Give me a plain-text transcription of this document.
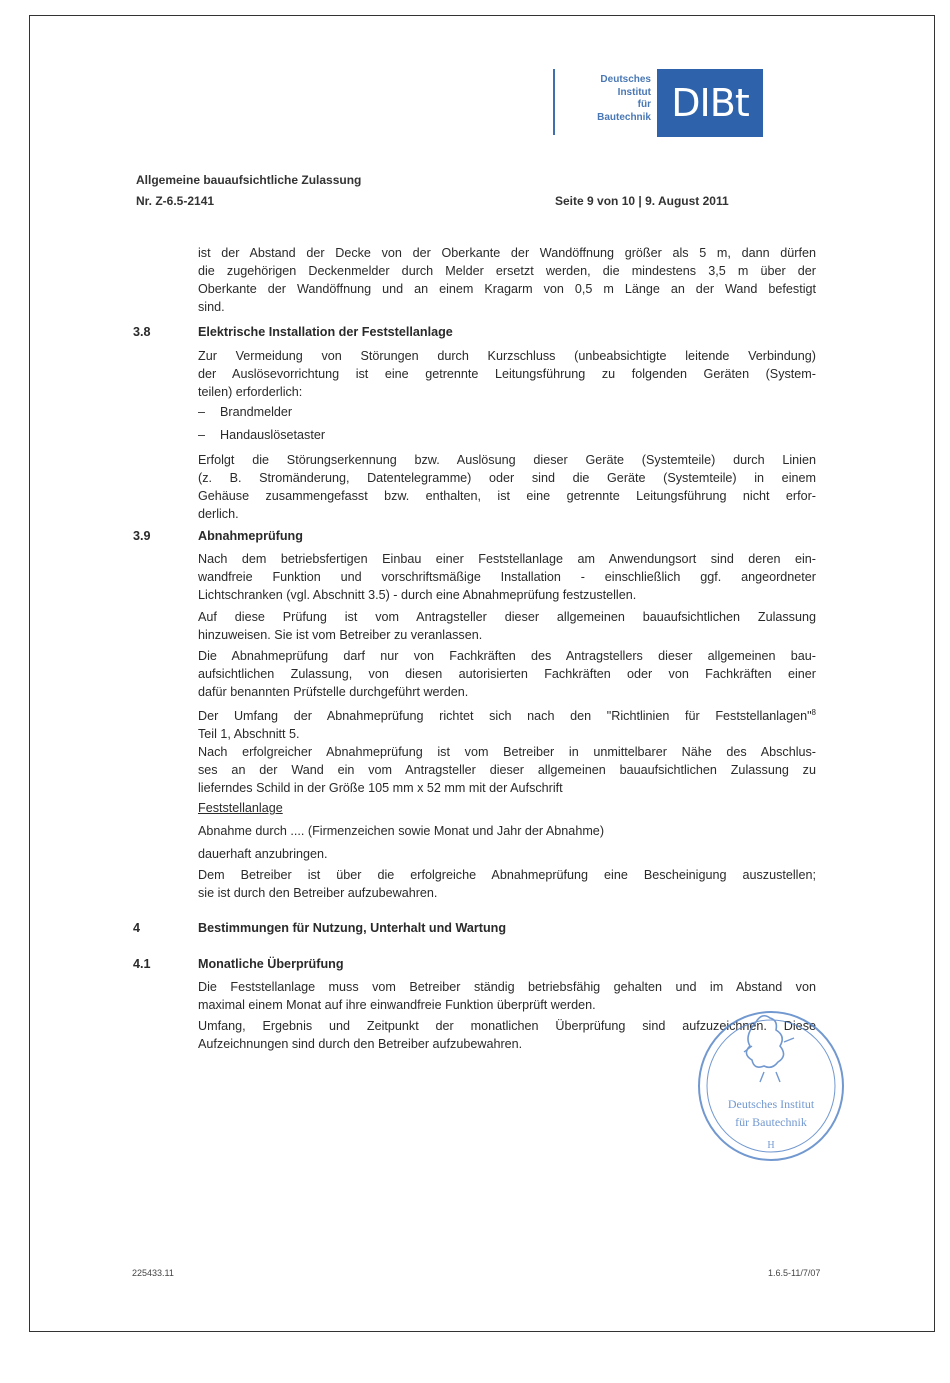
Deutsches
Institut
für
Bautechnik DIBt
Allgemeine bauaufsichtliche Zulassung
Nr. Z-6.5-2141	Seite 9 von 10 | 9. August 2011

ist der Abstand der Decke von der Oberkante der Wandöffnung größer als 5 m, dann dürfen

die zugehörigen Deckenmelder durch Melder ersetzt werden, die mindestens 3,5 m über der

Oberkante der Wandöffnung und an einem Kragarm von 0,5 m Länge an der Wand befestigt

sind.

3.8	Elektrische Installation der Feststellanlage

Zur Vermeidung von Störungen durch Kurzschluss (unbeabsichtigte leitende Verbindung)

der Auslösevorrichtung ist eine getrennte Leitungsführung zu folgenden Geräten (System-

teilen) erforderlich:

– Brandmelder
– Handauslösetaster

Erfolgt die Störungserkennung bzw. Auslösung dieser Geräte (Systemteile) durch Linien

(z. B. Stromänderung, Datentelegramme) oder sind die Geräte (Systemteile) in einem

Gehäuse zusammengefasst bzw. enthalten, ist eine getrennte Leitungsführung nicht erfor-

derlich.

3.9	Abnahmeprüfung

Nach dem betriebsfertigen Einbau einer Feststellanlage am Anwendungsort sind deren ein-

wandfreie Funktion und vorschriftsmäßige Installation - einschließlich ggf. angeordneter

Lichtschranken (vgl. Abschnitt 3.5) - durch eine Abnahmeprüfung festzustellen.

Auf diese Prüfung ist vom Antragsteller dieser allgemeinen bauaufsichtlichen Zulassung

hinzuweisen. Sie ist vom Betreiber zu veranlassen.

Die Abnahmeprüfung darf nur von Fachkräften des Antragstellers dieser allgemeinen bau-

aufsichtlichen Zulassung, von diesen autorisierten Fachkräften oder von Fachkräften einer

dafür benannten Prüfstelle durchgeführt werden.

Der Umfang der Abnahmeprüfung richtet sich nach den "Richtlinien für Feststellanlagen"$^8$

Teil 1, Abschnitt 5.

Nach erfolgreicher Abnahmeprüfung ist vom Betreiber in unmittelbarer Nähe des Abschlus-

ses an der Wand ein vom Antragsteller dieser allgemeinen bauaufsichtlichen Zulassung zu

lieferndes Schild in der Größe 105 mm x 52 mm mit der Aufschrift

Feststellanlage
Abnahme durch .... (Firmenzeichen sowie Monat und Jahr der Abnahme)
dauerhaft anzubringen.

Dem Betreiber ist über die erfolgreiche Abnahmeprüfung eine Bescheinigung auszustellen;

sie ist durch den Betreiber aufzubewahren.

4	Bestimmungen für Nutzung, Unterhalt und Wartung
4.1	Monatliche Überprüfung

Die Feststellanlage muss vom Betreiber ständig betriebsfähig gehalten und im Abstand von

maximal einem Monat auf ihre einwandfreie Funktion überprüft werden.

Umfang, Ergebnis und Zeitpunkt der monatlichen Überprüfung sind aufzuzeichnen. Diese

Aufzeichnungen sind durch den Betreiber aufzubewahren.

Deutsches Institut
für Bautechnik
H
225433.11	1.6.5-11/7/07
